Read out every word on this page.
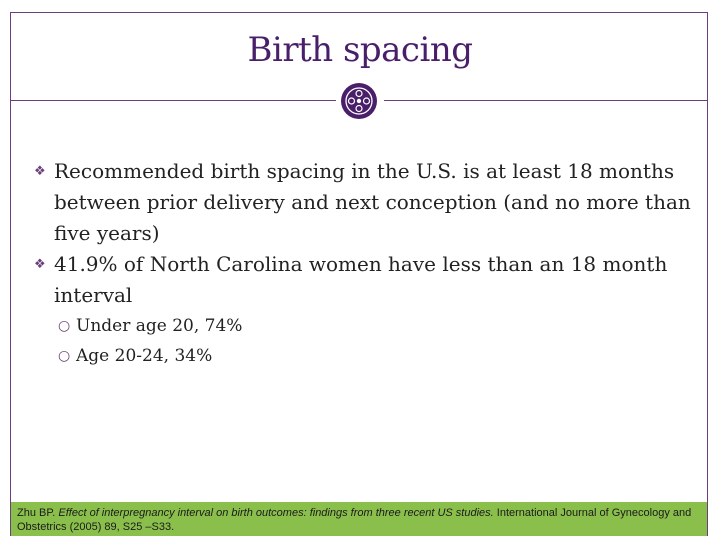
Birth spacing
❖ Recommended birth spacing in the U.S. is at least 18 months between prior delivery and next conception (and no more than five years)
❖ 41.9% of North Carolina women have less than an 18 month interval
○ Under age 20, 74%
○ Age 20-24, 34%
Zhu BP. Effect of interpregnancy interval on birth outcomes: findings from three recent US studies. International Journal of Gynecology and Obstetrics (2005) 89, S25 –S33.
